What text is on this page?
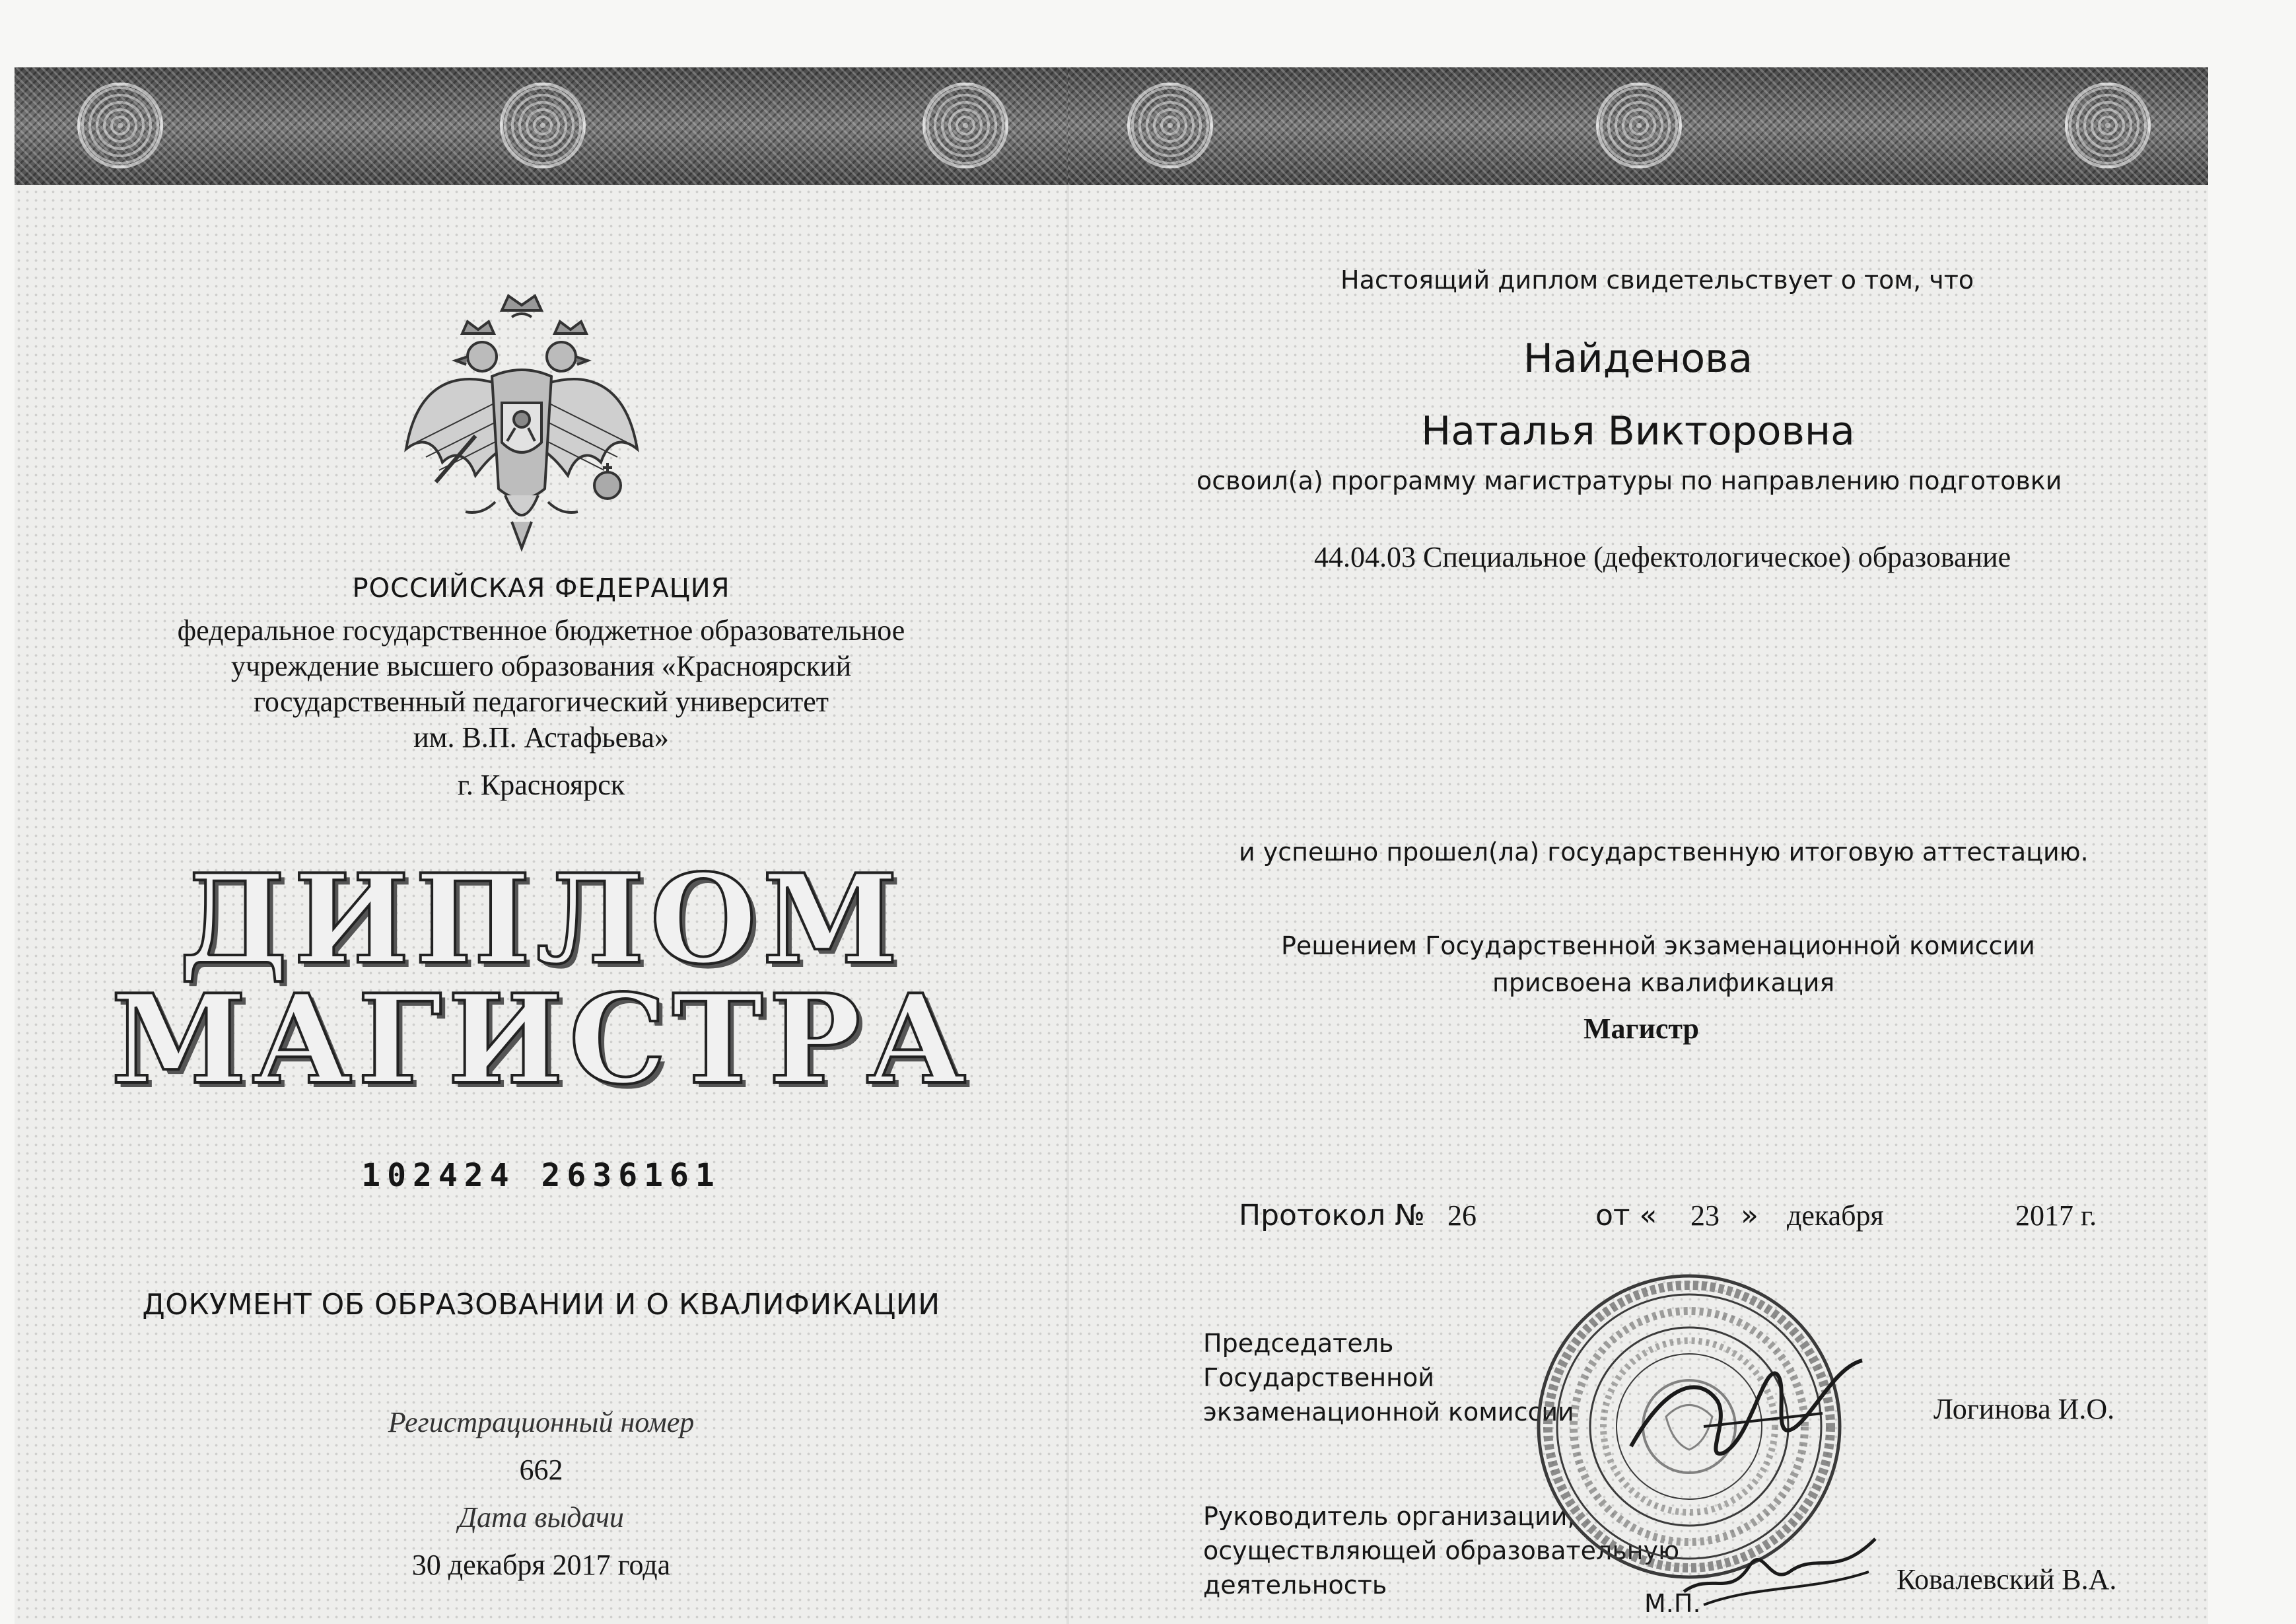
РОССИЙСКАЯ ФЕДЕРАЦИЯ
федеральное государственное бюджетное образовательное
учреждение высшего образования «Красноярский
государственный педагогический университет
им. В.П. Астафьева»
г. Красноярск
ДИПЛОМ
МАГИСТРА
102424 2636161
ДОКУМЕНТ ОБ ОБРАЗОВАНИИ И О КВАЛИФИКАЦИИ
Регистрационный номер
662
Дата выдачи
30 декабря 2017 года
Настоящий диплом свидетельствует о том, что
Найденова
Наталья Викторовна
освоил(а) программу магистратуры по направлению подготовки
44.04.03 Специальное (дефектологическое) образование
и успешно прошел(ла) государственную итоговую аттестацию.
Решением Государственной экзаменационной комиссии
присвоена квалификация
Магистр
Протокол № 26	от « 23 » декабря	2017 г.
Председатель
Государственной
экзаменационной комиссии	Логинова И.О.
Руководитель организации,
осуществляющей образовательную
деятельность	Ковалевский В.А.
М.П.
